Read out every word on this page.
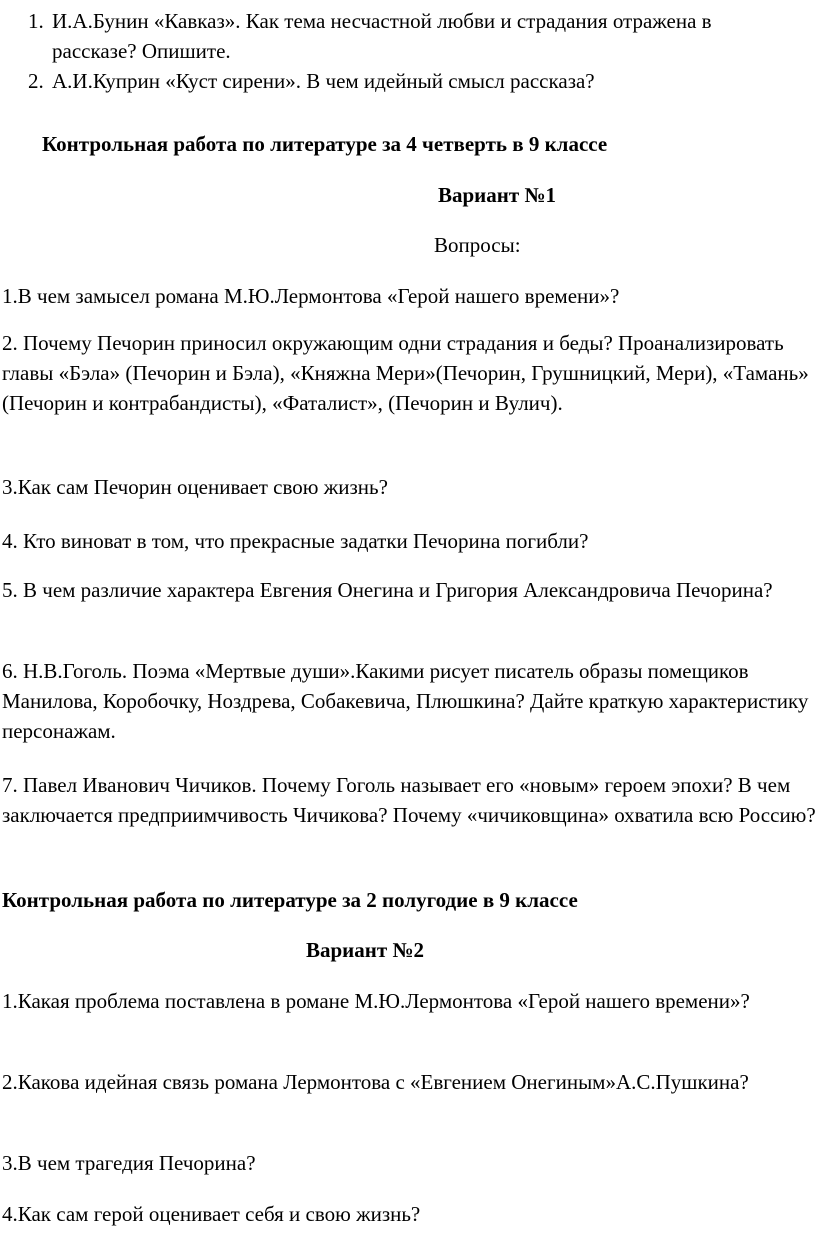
1. И.А.Бунин «Кавказ». Как тема несчастной любви и страдания отражена в рассказе? Опишите.
2. А.И.Куприн «Куст сирени». В чем идейный смысл рассказа?
Контрольная работа по литературе за 4 четверть в 9 классе
Вариант №1
Вопросы:
1.В чем замысел романа М.Ю.Лермонтова «Герой нашего времени»?
2. Почему Печорин приносил окружающим одни страдания и беды? Проанализировать главы «Бэла» (Печорин и Бэла), «Княжна Мери»(Печорин, Грушницкий, Мери), «Тамань» (Печорин и контрабандисты), «Фаталист», (Печорин и Вулич).
3.Как сам Печорин оценивает свою жизнь?
4. Кто виноват в том, что прекрасные задатки Печорина погибли?
5. В чем различие характера Евгения Онегина и Григория Александровича Печорина?
6. Н.В.Гоголь. Поэма «Мертвые души».Какими рисует писатель образы помещиков Манилова, Коробочку, Ноздрева, Собакевича, Плюшкина? Дайте краткую характеристику персонажам.
7. Павел Иванович Чичиков. Почему Гоголь называет его «новым» героем эпохи? В чем заключается предприимчивость Чичикова? Почему «чичиковщина» охватила всю Россию?
Контрольная работа по литературе за 2 полугодие в 9 классе
Вариант №2
1.Какая проблема поставлена в романе М.Ю.Лермонтова «Герой нашего времени»?
2.Какова идейная связь романа Лермонтова с «Евгением Онегиным»А.С.Пушкина?
3.В чем трагедия Печорина?
4.Как сам герой оценивает себя и свою жизнь?
